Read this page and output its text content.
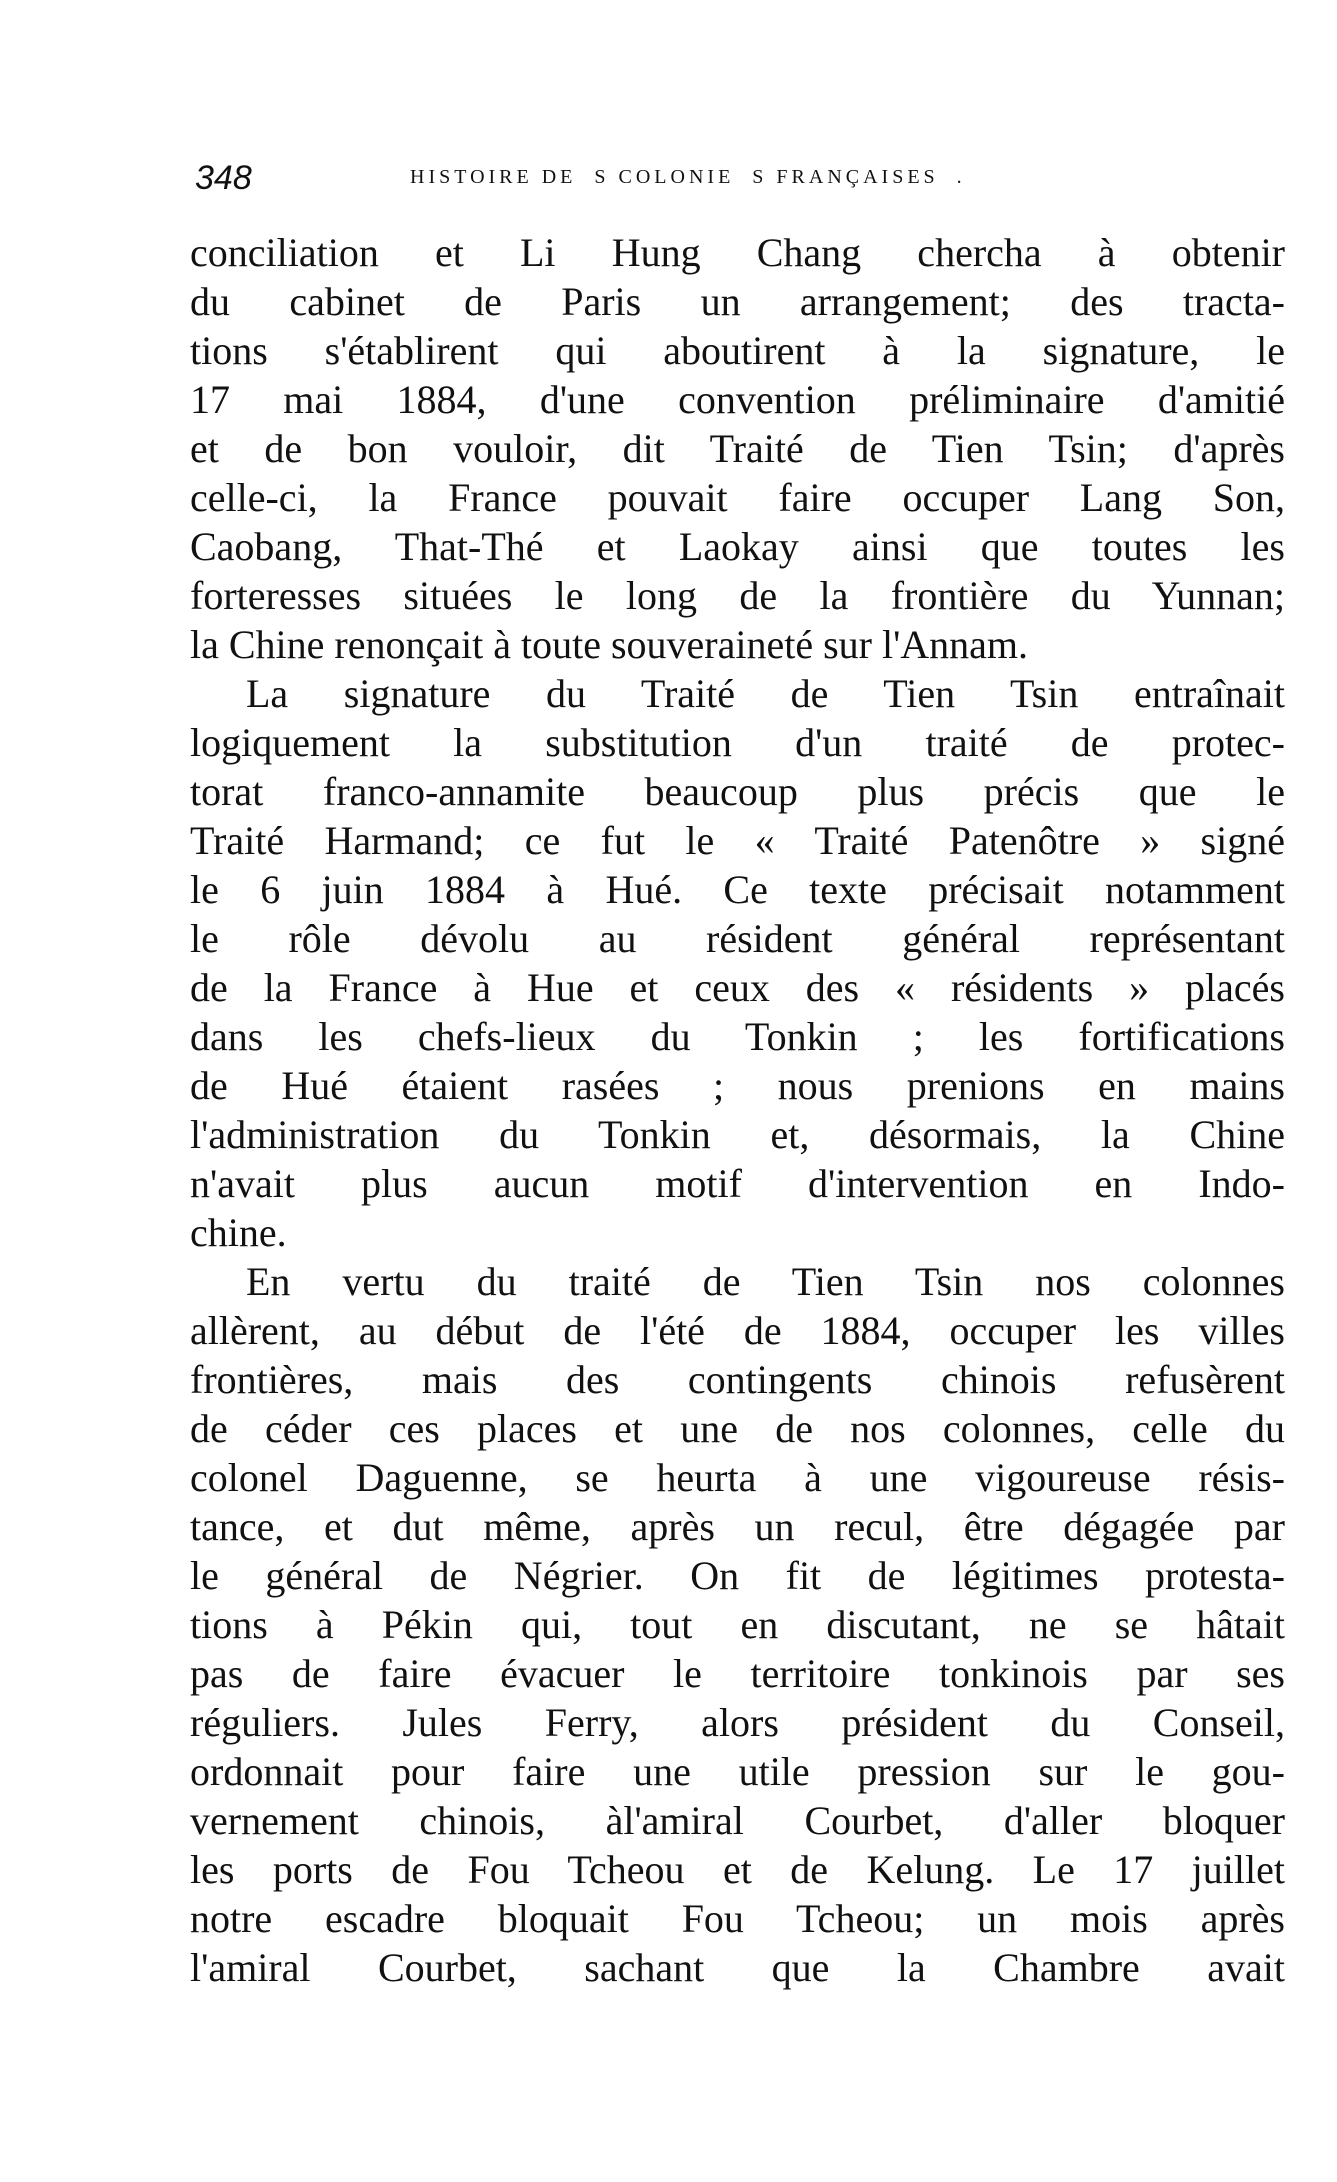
348	HISTOIRE DE  S COLONIE  S FRANÇAISES  .
conciliation et Li Hung Chang chercha à obtenir
du cabinet de Paris un arrangement; des tracta-
tions s'établirent qui aboutirent à la signature, le
17 mai 1884, d'une convention préliminaire d'amitié
et de bon vouloir, dit Traité de Tien Tsin; d'après
celle-ci, la France pouvait faire occuper Lang Son,
Caobang, That-Thé et Laokay ainsi que toutes les
forteresses situées le long de la frontière du Yunnan;
la Chine renonçait à toute souveraineté sur l'Annam.
La signature du Traité de Tien Tsin entraînait
logiquement la substitution d'un traité de protec-
torat franco-annamite beaucoup plus précis que le
Traité Harmand; ce fut le « Traité Patenôtre » signé
le 6 juin 1884 à Hué. Ce texte précisait notamment
le rôle dévolu au résident général représentant
de la France à Hue et ceux des « résidents » placés
dans les chefs-lieux du Tonkin ; les fortifications
de Hué étaient rasées ; nous prenions en mains
l'administration du Tonkin et, désormais, la Chine
n'avait plus aucun motif d'intervention en Indo-
chine.
En vertu du traité de Tien Tsin nos colonnes
allèrent, au début de l'été de 1884, occuper les villes
frontières, mais des contingents chinois refusèrent
de céder ces places et une de nos colonnes, celle du
colonel Daguenne, se heurta à une vigoureuse résis-
tance, et dut même, après un recul, être dégagée par
le général de Négrier. On fit de légitimes protesta-
tions à Pékin qui, tout en discutant, ne se hâtait
pas de faire évacuer le territoire tonkinois par ses
réguliers. Jules Ferry, alors président du Conseil,
ordonnait pour faire une utile pression sur le gou-
vernement chinois, àl'amiral Courbet, d'aller bloquer
les ports de Fou Tcheou et de Kelung. Le 17 juillet
notre escadre bloquait Fou Tcheou; un mois après
l'amiral Courbet, sachant que la Chambre avait
